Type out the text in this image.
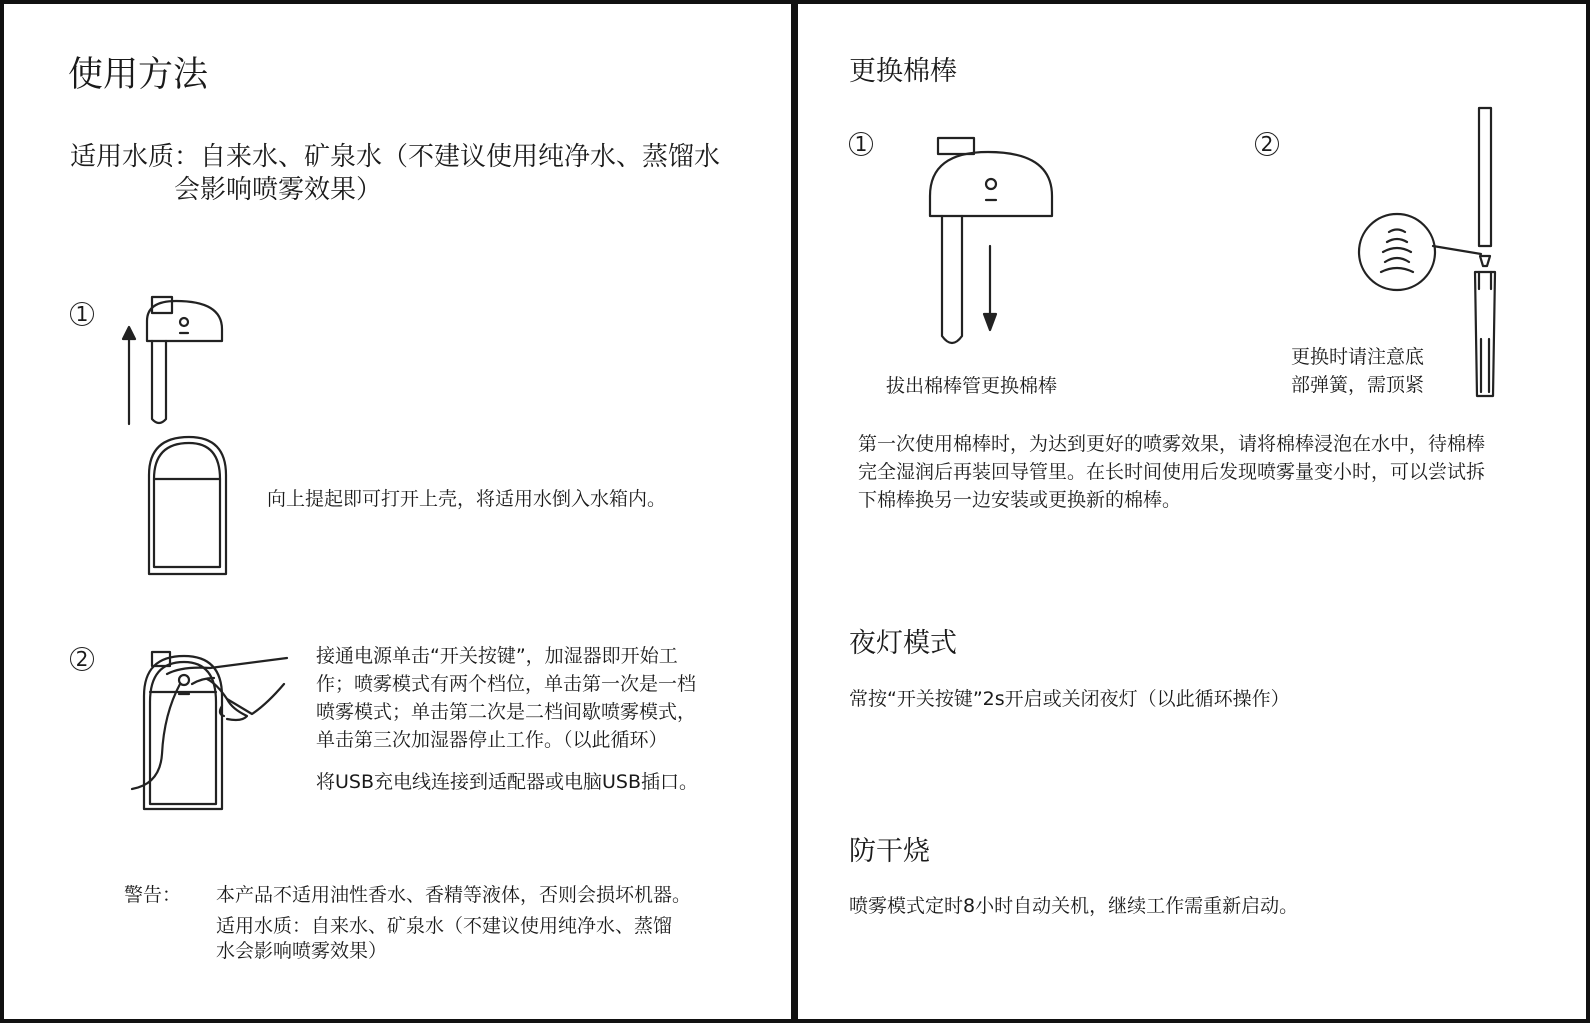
使用方法
适用水质：自来水、矿泉水（不建议使用纯净水、蒸馏水
会影响喷雾效果）
1
向上提起即可打开上壳，将适用水倒入水箱内。
2	接通电源单击“开关按键”，加湿器即开始工
作；喷雾模式有两个档位，单击第一次是一档
喷雾模式；单击第二次是二档间歇喷雾模式，
单击第三次加湿器停止工作。（以此循环）
将USB充电线连接到适配器或电脑USB插口。
警告： 本产品不适用油性香水、香精等液体，否则会损坏机器。
适用水质：自来水、矿泉水（不建议使用纯净水、蒸馏
水会影响喷雾效果）
更换棉棒
1
拔出棉棒管更换棉棒
2
更换时请注意底
部弹簧，需顶紧
第一次使用棉棒时，为达到更好的喷雾效果，请将棉棒浸泡在水中，待棉棒
完全湿润后再装回导管里。在长时间使用后发现喷雾量变小时，可以尝试拆
下棉棒换另一边安装或更换新的棉棒。
夜灯模式
常按“开关按键”2s开启或关闭夜灯（以此循环操作）
防干烧
喷雾模式定时8小时自动关机，继续工作需重新启动。
